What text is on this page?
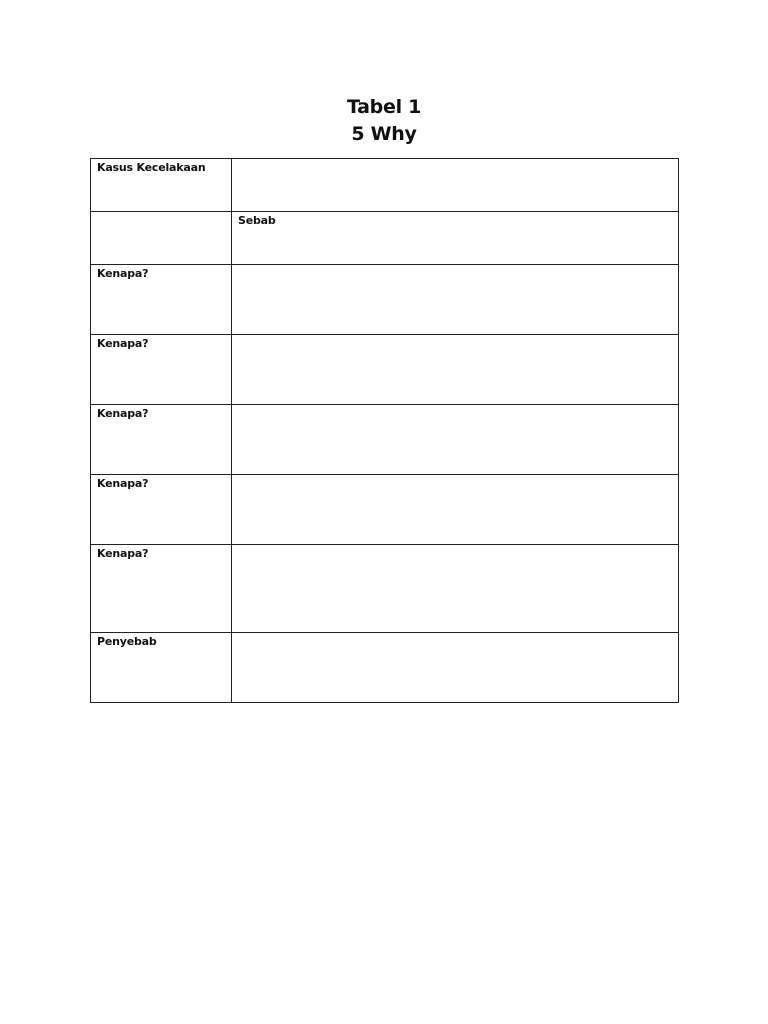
Tabel 1

5 Why

Kasus Kecelakaan	

	Sebab

Kenapa?	

Kenapa?	

Kenapa?	

Kenapa?	

Kenapa?	

Penyebab	
